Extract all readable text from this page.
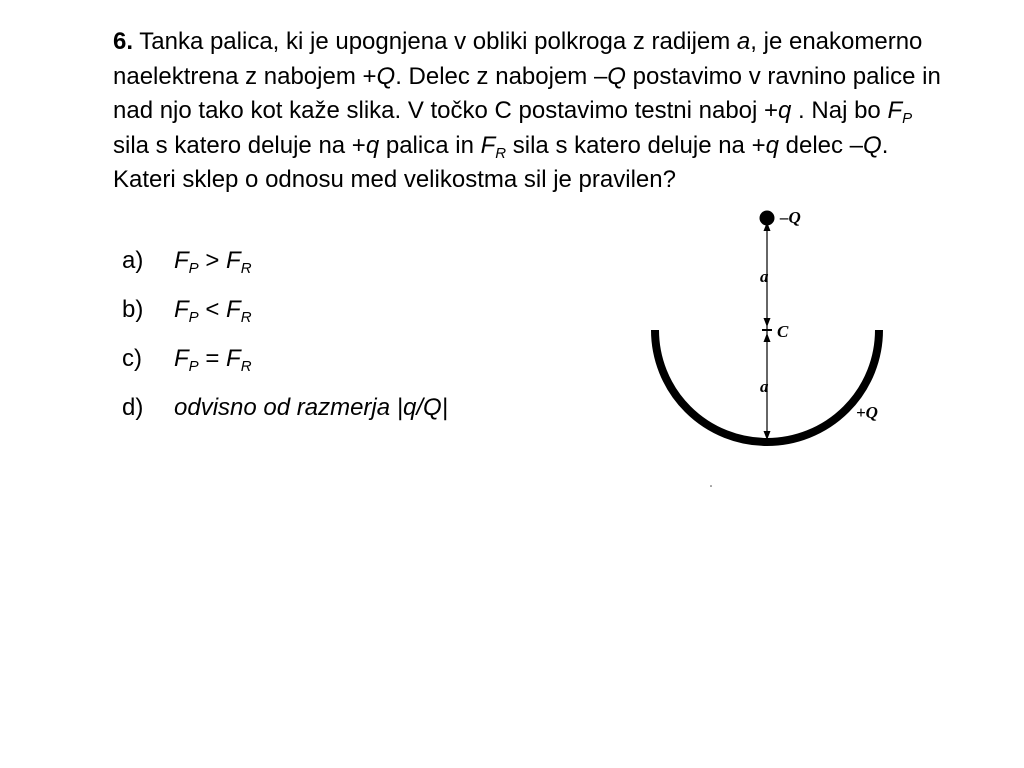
6. Tanka palica, ki je upognjena v obliki polkroga z radijem a, je enakomerno naelektrena z nabojem +Q. Delec z nabojem –Q postavimo v ravnino palice in nad njo tako kot kaže slika. V točko C postavimo testni naboj +q . Naj bo $F_P$ sila s katero deluje na +q palica in $F_R$ sila s katero deluje na +q delec –Q. Kateri sklep o odnosu med velikostma sil je pravilen?
a)	$F_P > F_R$
b)	$F_P < F_R$
c)	$F_P = F_R$
d)	odvisno od razmerja |q/Q|
–Q
a
C
a
+Q
